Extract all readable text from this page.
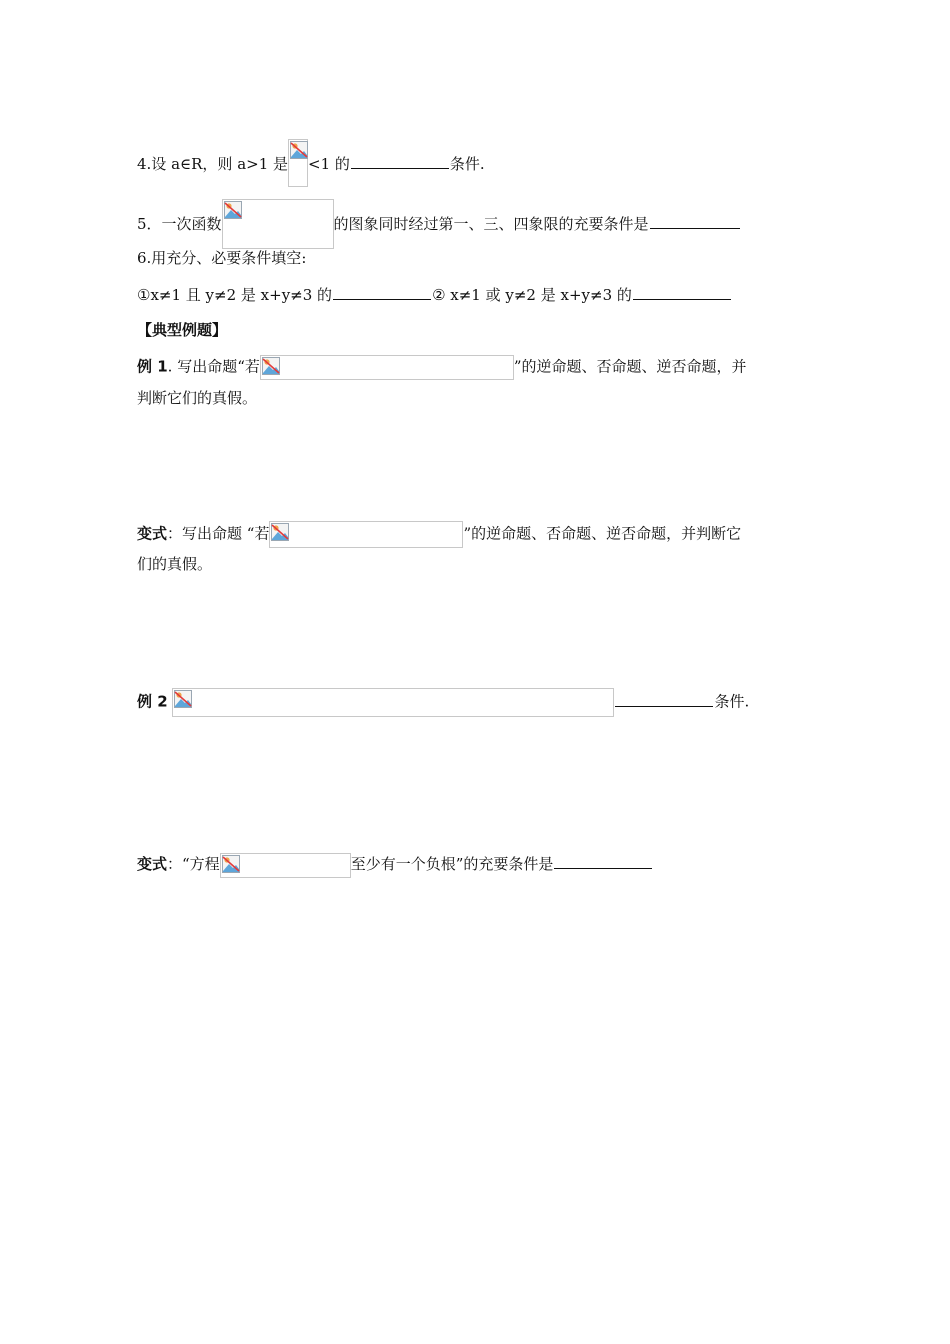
4.设 a∈R，则 a>1 是 <1 的	条件.
5．一次函数	的图象同时经过第一、三、四象限的充要条件是
6.用充分、必要条件填空:
①x≠1 且 y≠2 是 x+y≠3 的	② x≠1 或 y≠2 是 x+y≠3 的
【典型例题】
例 1. 写出命题“若	”的逆命题、否命题、逆否命题，并
判断它们的真假。
变式：写出命题 “若	”的逆命题、否命题、逆否命题，并判断它
们的真假。
例 2	条件.
变式：“方程	至少有一个负根”的充要条件是
